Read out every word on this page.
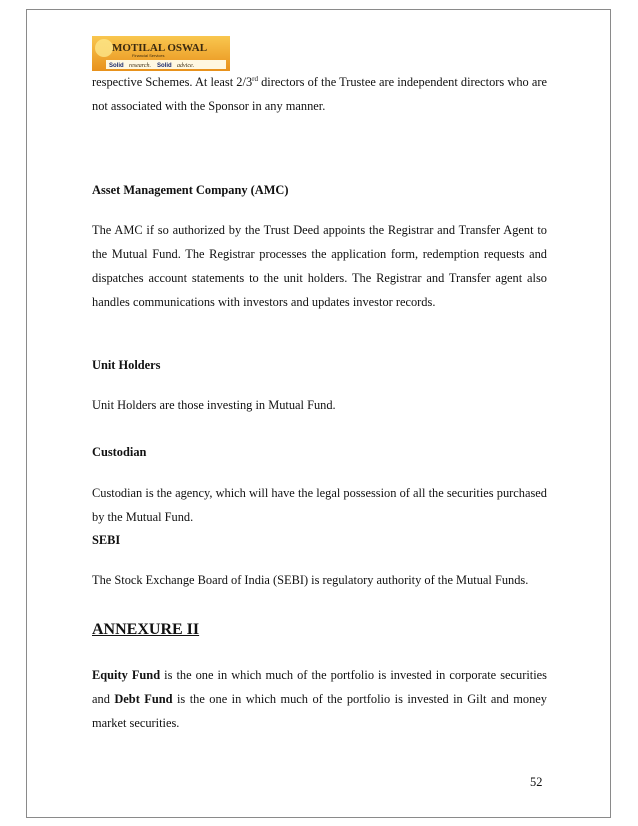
MOTILAL OSWAL
Financial Services
Solid research. Solid advice.
respective Schemes. At least 2/3rd directors of the Trustee are independent directors who are not associated with the Sponsor in any manner.
Asset Management Company (AMC)
The AMC if so authorized by the Trust Deed appoints the Registrar and Transfer Agent to the Mutual Fund. The Registrar processes the application form, redemption requests and dispatches account statements to the unit holders. The Registrar and Transfer agent also handles communications with investors and updates investor records.
Unit Holders
Unit Holders are those investing in Mutual Fund.
Custodian
Custodian is the agency, which will have the legal possession of all the securities purchased by the Mutual Fund.
SEBI
The Stock Exchange Board of India (SEBI) is regulatory authority of the Mutual Funds.
ANNEXURE II
Equity Fund is the one in which much of the portfolio is invested in corporate securities and Debt Fund is the one in which much of the portfolio is invested in Gilt and money market securities.
52
